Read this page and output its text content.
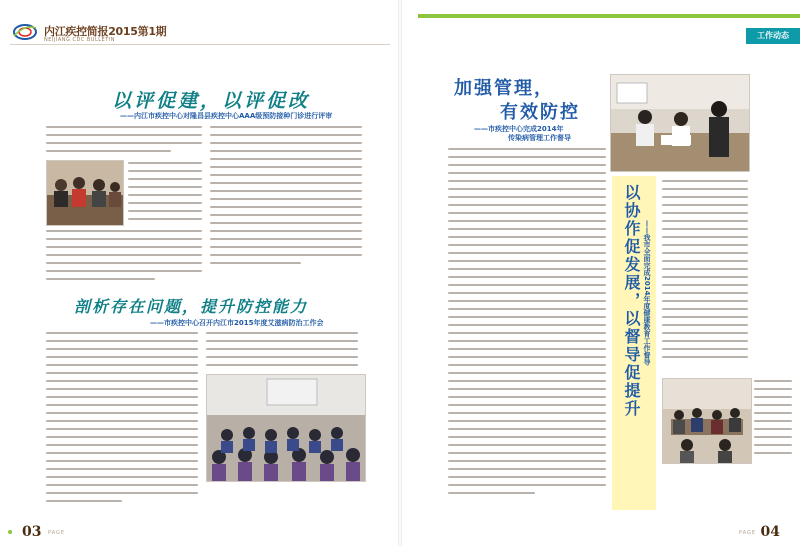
内江疾控简报2015第1期
NEIJIANG CDC BULLETIN
以评促建，以评促改
——内江市疾控中心对隆昌县疾控中心AAA级预防接种门诊进行评审
剖析存在问题，提升防控能力
——市疾控中心召开内江市2015年度艾滋病防治工作会
03 PAGE
工作动态
加强管理，
有效防控
——市疾控中心完成2014年
传染病管理工作督导
以协作促发展，以督导促提升 ——我市全面完成2014年度健康教育工作督导
04
PAGE
